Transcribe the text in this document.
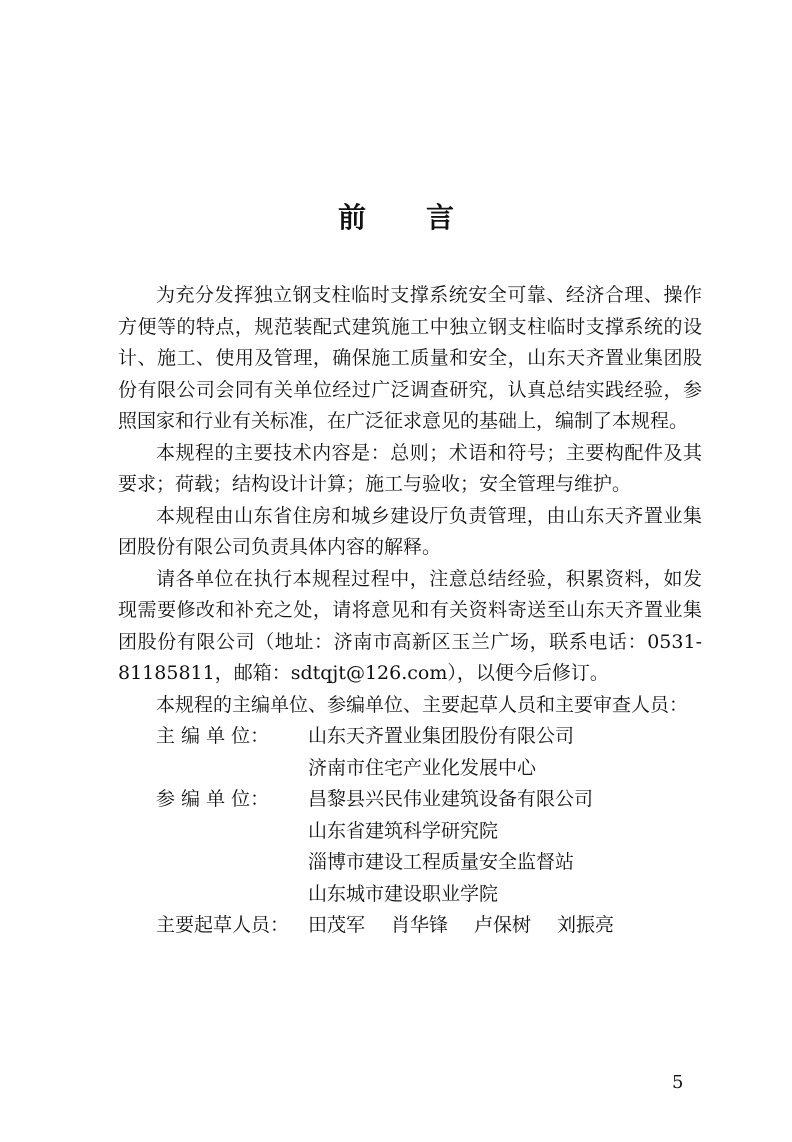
前 言

为充分发挥独立钢支柱临时支撑系统安全可靠、经济合理、操作方便等的特点，规范装配式建筑施工中独立钢支柱临时支撑系统的设计、施工、使用及管理，确保施工质量和安全，山东天齐置业集团股份有限公司会同有关单位经过广泛调查研究，认真总结实践经验，参照国家和行业有关标准，在广泛征求意见的基础上，编制了本规程。

本规程的主要技术内容是：总则；术语和符号；主要构配件及其要求；荷载；结构设计计算；施工与验收；安全管理与维护。

本规程由山东省住房和城乡建设厅负责管理，由山东天齐置业集团股份有限公司负责具体内容的解释。

请各单位在执行本规程过程中，注意总结经验，积累资料，如发现需要修改和补充之处，请将意见和有关资料寄送至山东天齐置业集团股份有限公司（地址：济南市高新区玉兰广场，联系电话：0531-81185811，邮箱：sdtqjt@126.com），以便今后修订。

本规程的主编单位、参编单位、主要起草人员和主要审查人员：

主 编 单 位：	山东天齐置业集团股份有限公司
济南市住宅产业化发展中心
参 编 单 位：	昌黎县兴民伟业建筑设备有限公司
山东省建筑科学研究院
淄博市建设工程质量安全监督站
山东城市建设职业学院
主要起草人员： 田茂军 肖华锋 卢保树 刘振亮
5
